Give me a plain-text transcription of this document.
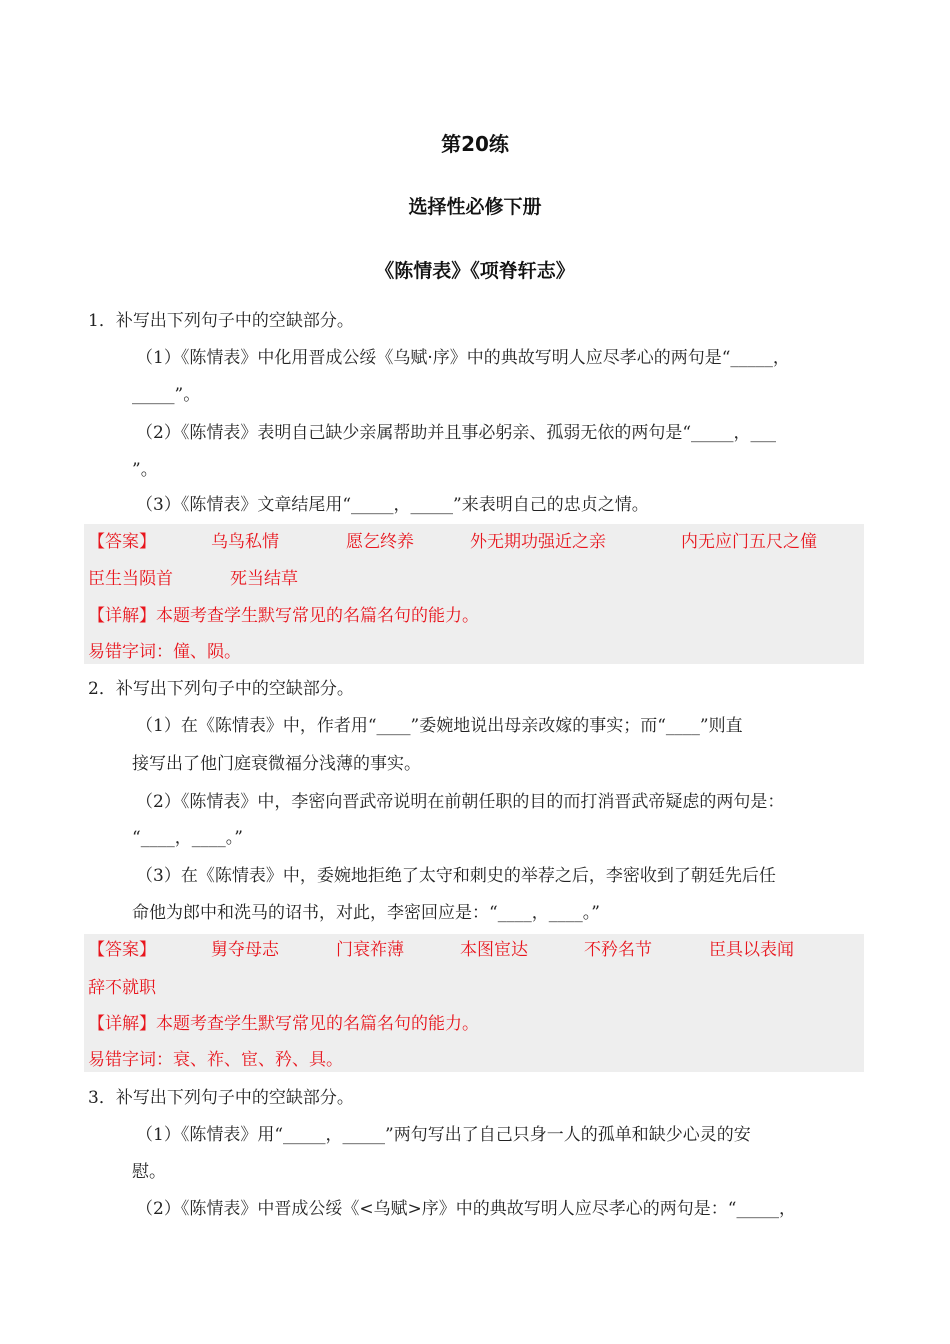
第20练
选择性必修下册
《陈情表》《项脊轩志》
1．补写出下列句子中的空缺部分。
（1）《陈情表》中化用晋成公绥《乌赋·序》中的典故写明人应尽孝心的两句是“_____，
_____”。
（2）《陈情表》表明自己缺少亲属帮助并且事必躬亲、孤弱无依的两句是“_____，___
”。
（3）《陈情表》文章结尾用“_____，_____”来表明自己的忠贞之情。
【答案】	乌鸟私情	愿乞终养	外无期功强近之亲	内无应门五尺之僮
臣生当陨首	死当结草
【详解】本题考查学生默写常见的名篇名句的能力。
易错字词：僮、陨。
2．补写出下列句子中的空缺部分。
（1）在《陈情表》中，作者用“____”委婉地说出母亲改嫁的事实；而“____”则直
接写出了他门庭衰微福分浅薄的事实。
（2）《陈情表》中，李密向晋武帝说明在前朝任职的目的而打消晋武帝疑虑的两句是：
“____，____。”
（3）在《陈情表》中，委婉地拒绝了太守和刺史的举荐之后，李密收到了朝廷先后任
命他为郎中和洗马的诏书，对此，李密回应是：“____，____。”
【答案】	舅夺母志	门衰祚薄	本图宦达	不矜名节	臣具以表闻
辞不就职
【详解】本题考查学生默写常见的名篇名句的能力。
易错字词：衰、祚、宦、矜、具。
3．补写出下列句子中的空缺部分。
（1）《陈情表》用“_____，_____”两句写出了自己只身一人的孤单和缺少心灵的安
慰。
（2）《陈情表》中晋成公绥《<乌赋>序》中的典故写明人应尽孝心的两句是：“_____，
